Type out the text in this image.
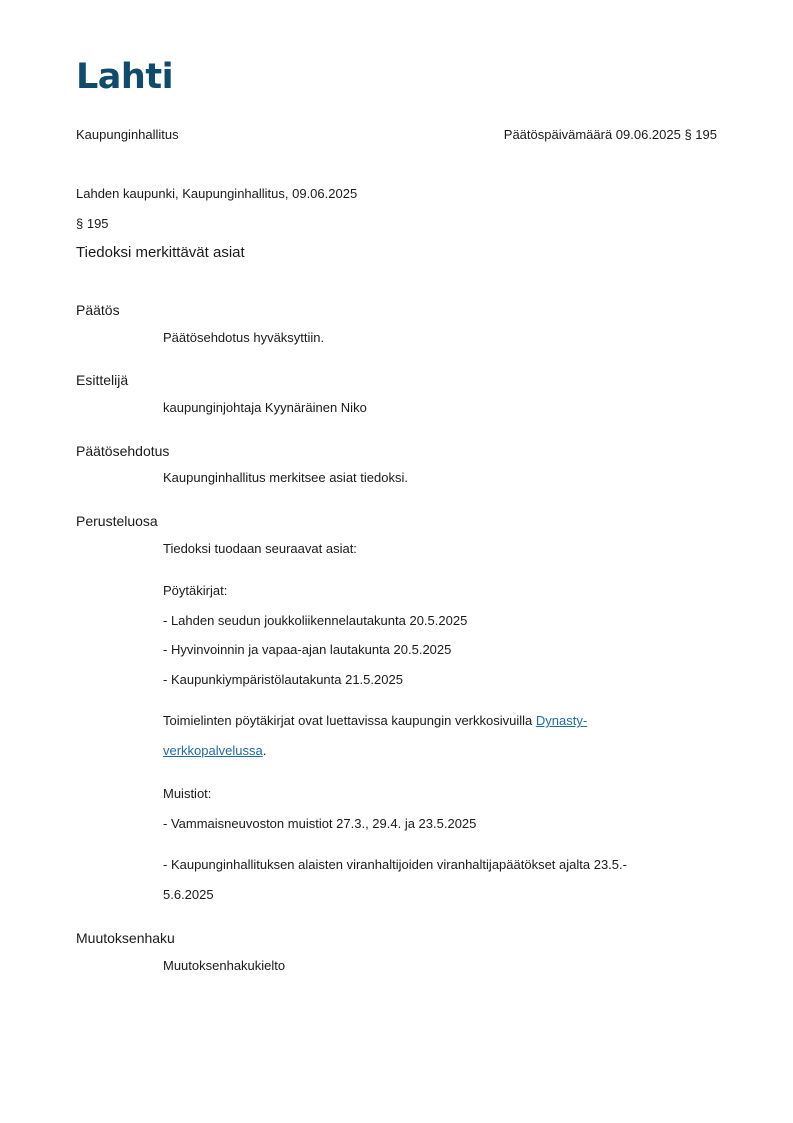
Lahti
Kaupunginhallitus	Päätöspäivämäärä 09.06.2025 § 195
Lahden kaupunki, Kaupunginhallitus, 09.06.2025
§ 195
Tiedoksi merkittävät asiat
Päätös
Päätösehdotus hyväksyttiin.
Esittelijä
kaupunginjohtaja Kyynäräinen Niko
Päätösehdotus
Kaupunginhallitus merkitsee asiat tiedoksi.
Perusteluosa
Tiedoksi tuodaan seuraavat asiat:
Pöytäkirjat:
- Lahden seudun joukkoliikennelautakunta 20.5.2025
- Hyvinvoinnin ja vapaa-ajan lautakunta 20.5.2025
- Kaupunkiympäristölautakunta 21.5.2025
Toimielinten pöytäkirjat ovat luettavissa kaupungin verkkosivuilla Dynasty-
verkkopalvelussa.
Muistiot:
- Vammaisneuvoston muistiot 27.3., 29.4. ja 23.5.2025
- Kaupunginhallituksen alaisten viranhaltijoiden viranhaltijapäätökset ajalta 23.5.-
5.6.2025
Muutoksenhaku
Muutoksenhakukielto
